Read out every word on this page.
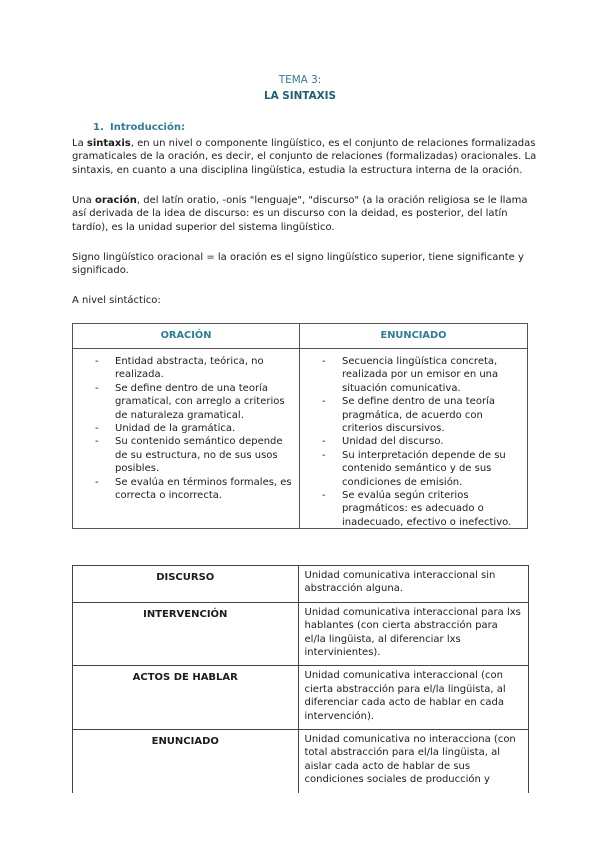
TEMA 3:
LA SINTAXIS
1. Introducción:
La sintaxis, en un nivel o componente lingüístico, es el conjunto de relaciones formalizadas gramaticales de la oración, es decir, el conjunto de relaciones (formalizadas) oracionales. La sintaxis, en cuanto a una disciplina lingüística, estudia la estructura interna de la oración.
Una oración, del latín oratio, -onis "lenguaje", "discurso" (a la oración religiosa se le llama así derivada de la idea de discurso: es un discurso con la deidad, es posterior, del latín tardío), es la unidad superior del sistema lingüístico.
Signo lingüístico oracional = la oración es el signo lingüístico superior, tiene significante y significado.
A nivel sintáctico:
ORACIÓN
- Entidad abstracta, teórica, no realizada.
- Se define dentro de una teoría gramatical, con arreglo a criterios de naturaleza gramatical.
- Unidad de la gramática.
- Su contenido semántico depende de su estructura, no de sus usos posibles.
- Se evalúa en términos formales, es correcta o incorrecta.
ENUNCIADO
- Secuencia lingüística concreta, realizada por un emisor en una situación comunicativa.
- Se define dentro de una teoría pragmática, de acuerdo con criterios discursivos.
- Unidad del discurso.
- Su interpretación depende de su contenido semántico y de sus condiciones de emisión.
- Se evalúa según criterios pragmáticos: es adecuado o inadecuado, efectivo o inefectivo.
DISCURSO	Unidad comunicativa interaccional sin abstracción alguna.
INTERVENCIÓN	Unidad comunicativa interaccional para lxs hablantes (con cierta abstracción para el/la lingüista, al diferenciar lxs intervinientes).
ACTOS DE HABLAR	Unidad comunicativa interaccional (con cierta abstracción para el/la lingüista, al diferenciar cada acto de hablar en cada intervención).
ENUNCIADO	Unidad comunicativa no interacciona (con total abstracción para el/la lingüista, al aislar cada acto de hablar de sus condiciones sociales de producción y
